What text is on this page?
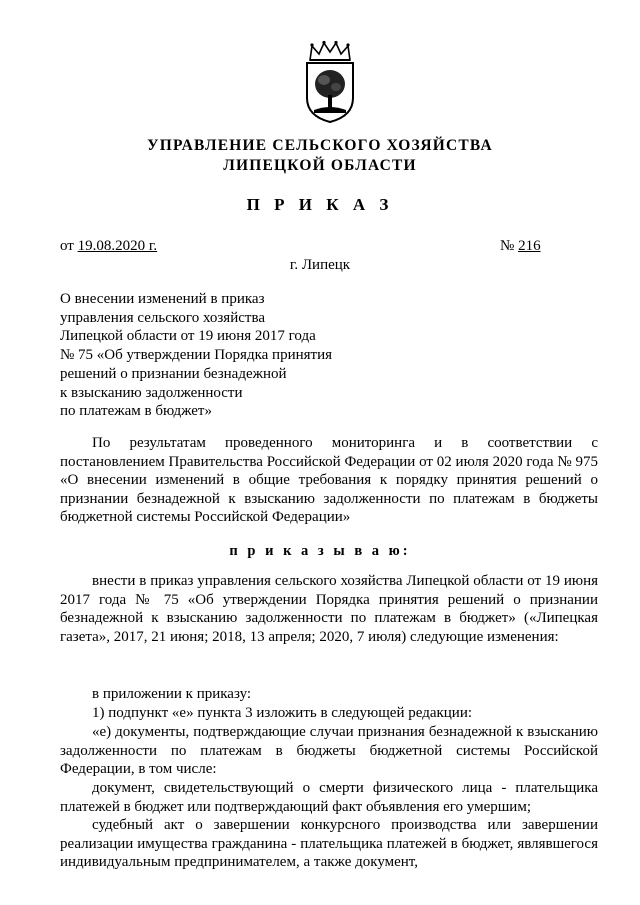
УПРАВЛЕНИЕ СЕЛЬСКОГО ХОЗЯЙСТВА
ЛИПЕЦКОЙ ОБЛАСТИ
П Р И К А З
от 19.08.2020 г.	№ 216
г. Липецк
О внесении изменений в приказ
управления сельского хозяйства
Липецкой области от 19 июня 2017 года
№ 75 «Об утверждении Порядка принятия
решений о признании безнадежной
к взысканию задолженности
по платежам в бюджет»

По результатам проведенного мониторинга и в соответствии с постановлением Правительства Российской Федерации от 02 июля 2020 года № 975 «О внесении изменений в общие требования к порядку принятия решений о признании безнадежной к взысканию задолженности по платежам в бюджеты бюджетной системы Российской Федерации»

п р и к а з ы в а ю:

внести в приказ управления сельского хозяйства Липецкой области от 19 июня 2017 года № 75 «Об утверждении Порядка принятия решений о признании безнадежной к взысканию задолженности по платежам в бюджет» («Липецкая газета», 2017, 21 июня; 2018, 13 апреля; 2020, 7 июля) следующие изменения:

в приложении к приказу:
1) подпункт «е» пункта 3 изложить в следующей редакции:

«е) документы, подтверждающие случаи признания безнадежной к взысканию задолженности по платежам в бюджеты бюджетной системы Российской Федерации, в том числе:

документ, свидетельствующий о смерти физического лица - плательщика платежей в бюджет или подтверждающий факт объявления его умершим;

судебный акт о завершении конкурсного производства или завершении реализации имущества гражданина - плательщика платежей в бюджет, являвшегося индивидуальным предпринимателем, а также документ,
